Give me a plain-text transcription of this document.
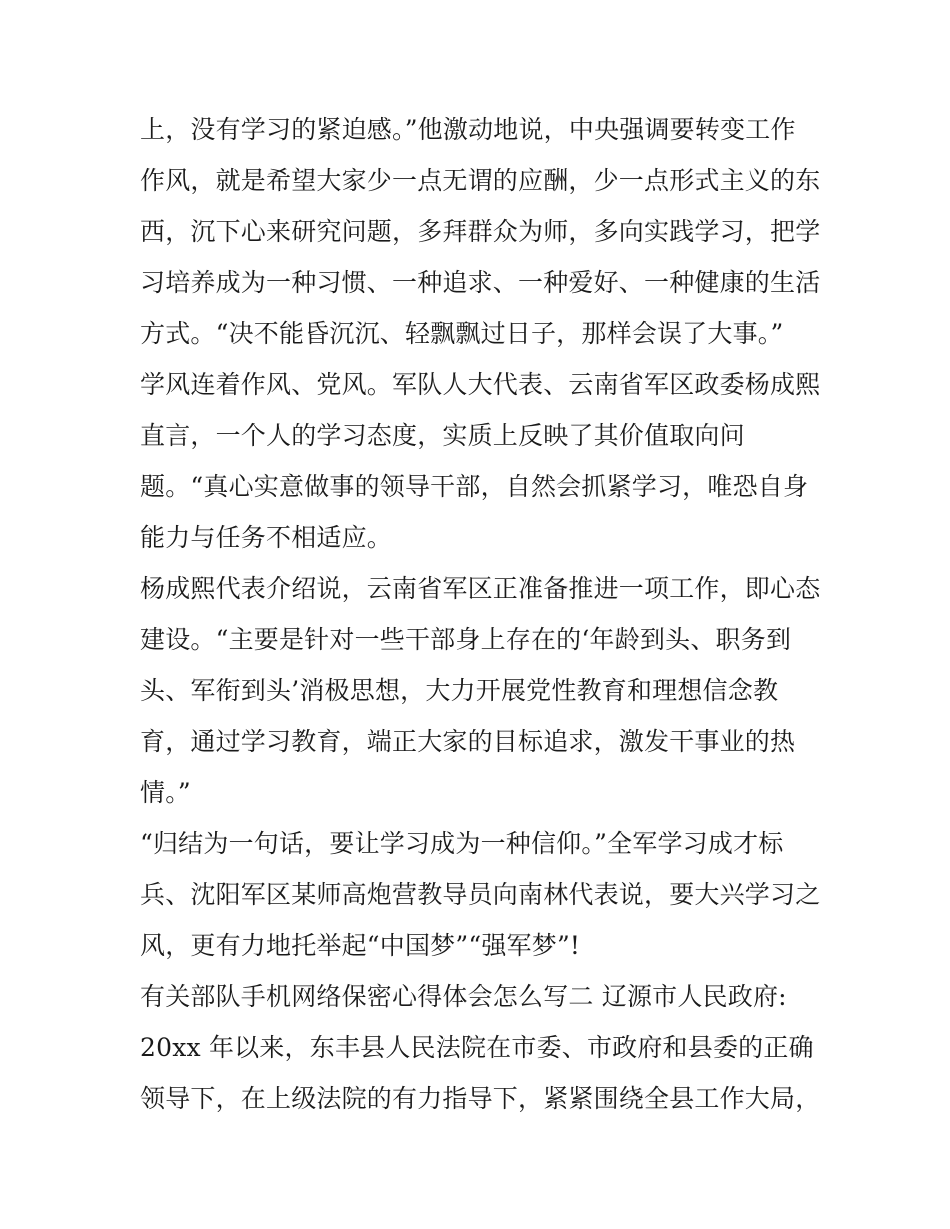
上，没有学习的紧迫感。”他激动地说，中央强调要转变工作
作风，就是希望大家少一点无谓的应酬，少一点形式主义的东
西，沉下心来研究问题，多拜群众为师，多向实践学习，把学
习培养成为一种习惯、一种追求、一种爱好、一种健康的生活
方式。“决不能昏沉沉、轻飘飘过日子，那样会误了大事。”
学风连着作风、党风。军队人大代表、云南省军区政委杨成熙
直言，一个人的学习态度，实质上反映了其价值取向问
题。“真心实意做事的领导干部，自然会抓紧学习，唯恐自身
能力与任务不相适应。
杨成熙代表介绍说，云南省军区正准备推进一项工作，即心态
建设。“主要是针对一些干部身上存在的‘年龄到头、职务到
头、军衔到头’消极思想，大力开展党性教育和理想信念教
育，通过学习教育，端正大家的目标追求，激发干事业的热
情。”
“归结为一句话，要让学习成为一种信仰。”全军学习成才标
兵、沈阳军区某师高炮营教导员向南林代表说，要大兴学习之
风，更有力地托举起“中国梦”“强军梦”!
有关部队手机网络保密心得体会怎么写二 辽源市人民政府:
20xx 年以来，东丰县人民法院在市委、市政府和县委的正确
领导下，在上级法院的有力指导下，紧紧围绕全县工作大局，
